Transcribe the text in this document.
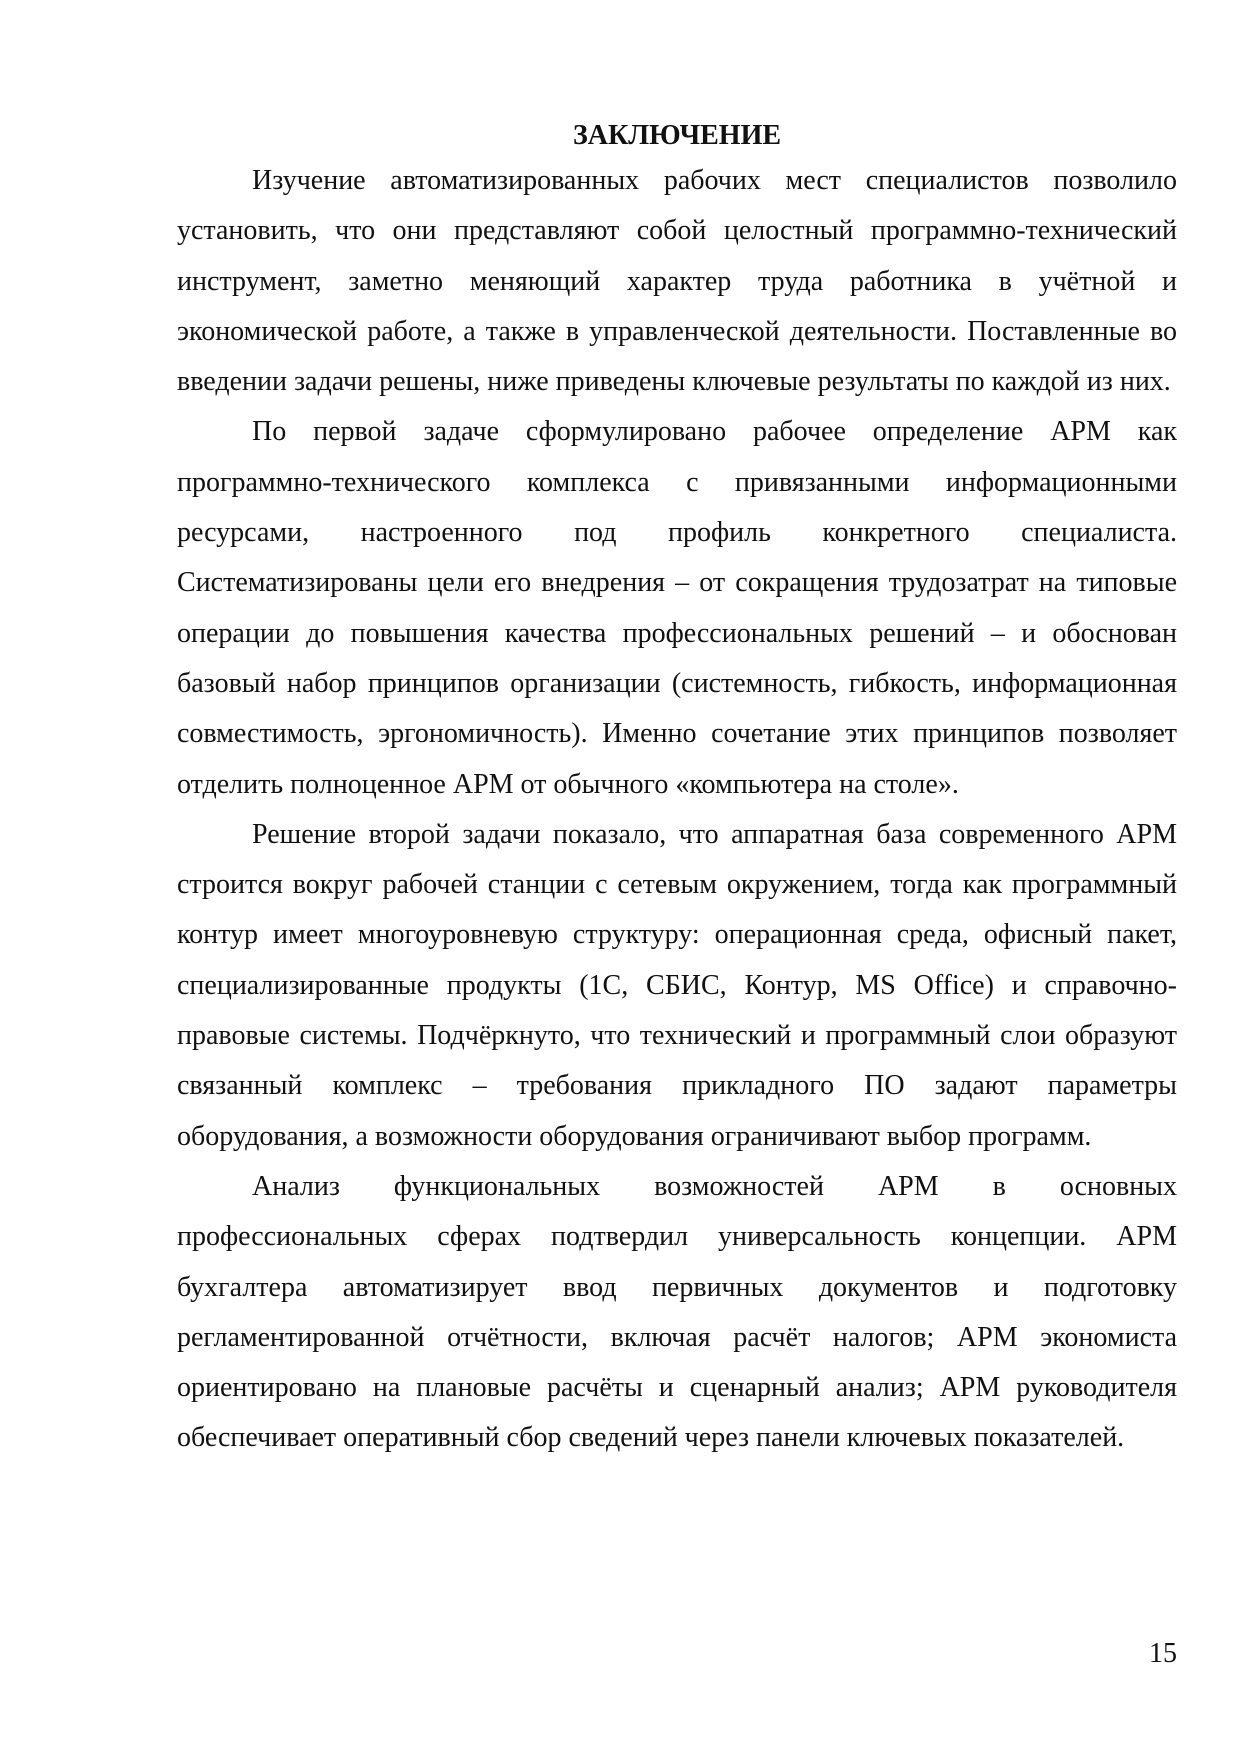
ЗАКЛЮЧЕНИЕ

Изучение автоматизированных рабочих мест специалистов позволило установить, что они представляют собой целостный программно-технический инструмент, заметно меняющий характер труда работника в учётной и экономической работе, а также в управленческой деятельности. Поставленные во введении задачи решены, ниже приведены ключевые результаты по каждой из них.

По первой задаче сформулировано рабочее определение АРМ как программно-технического комплекса с привязанными информационными ресурсами, настроенного под профиль конкретного специалиста. Систематизированы цели его внедрения – от сокращения трудозатрат на типовые операции до повышения качества профессиональных решений – и обоснован базовый набор принципов организации (системность, гибкость, информационная совместимость, эргономичность). Именно сочетание этих принципов позволяет отделить полноценное АРМ от обычного «компьютера на столе».

Решение второй задачи показало, что аппаратная база современного АРМ строится вокруг рабочей станции с сетевым окружением, тогда как программный контур имеет многоуровневую структуру: операционная среда, офисный пакет, специализированные продукты (1С, СБИС, Контур, MS Office) и справочно-правовые системы. Подчёркнуто, что технический и программный слои образуют связанный комплекс – требования прикладного ПО задают параметры оборудования, а возможности оборудования ограничивают выбор программ.

Анализ функциональных возможностей АРМ в основных профессиональных сферах подтвердил универсальность концепции. АРМ бухгалтера автоматизирует ввод первичных документов и подготовку регламентированной отчётности, включая расчёт налогов; АРМ экономиста ориентировано на плановые расчёты и сценарный анализ; АРМ руководителя обеспечивает оперативный сбор сведений через панели ключевых показателей.

15
